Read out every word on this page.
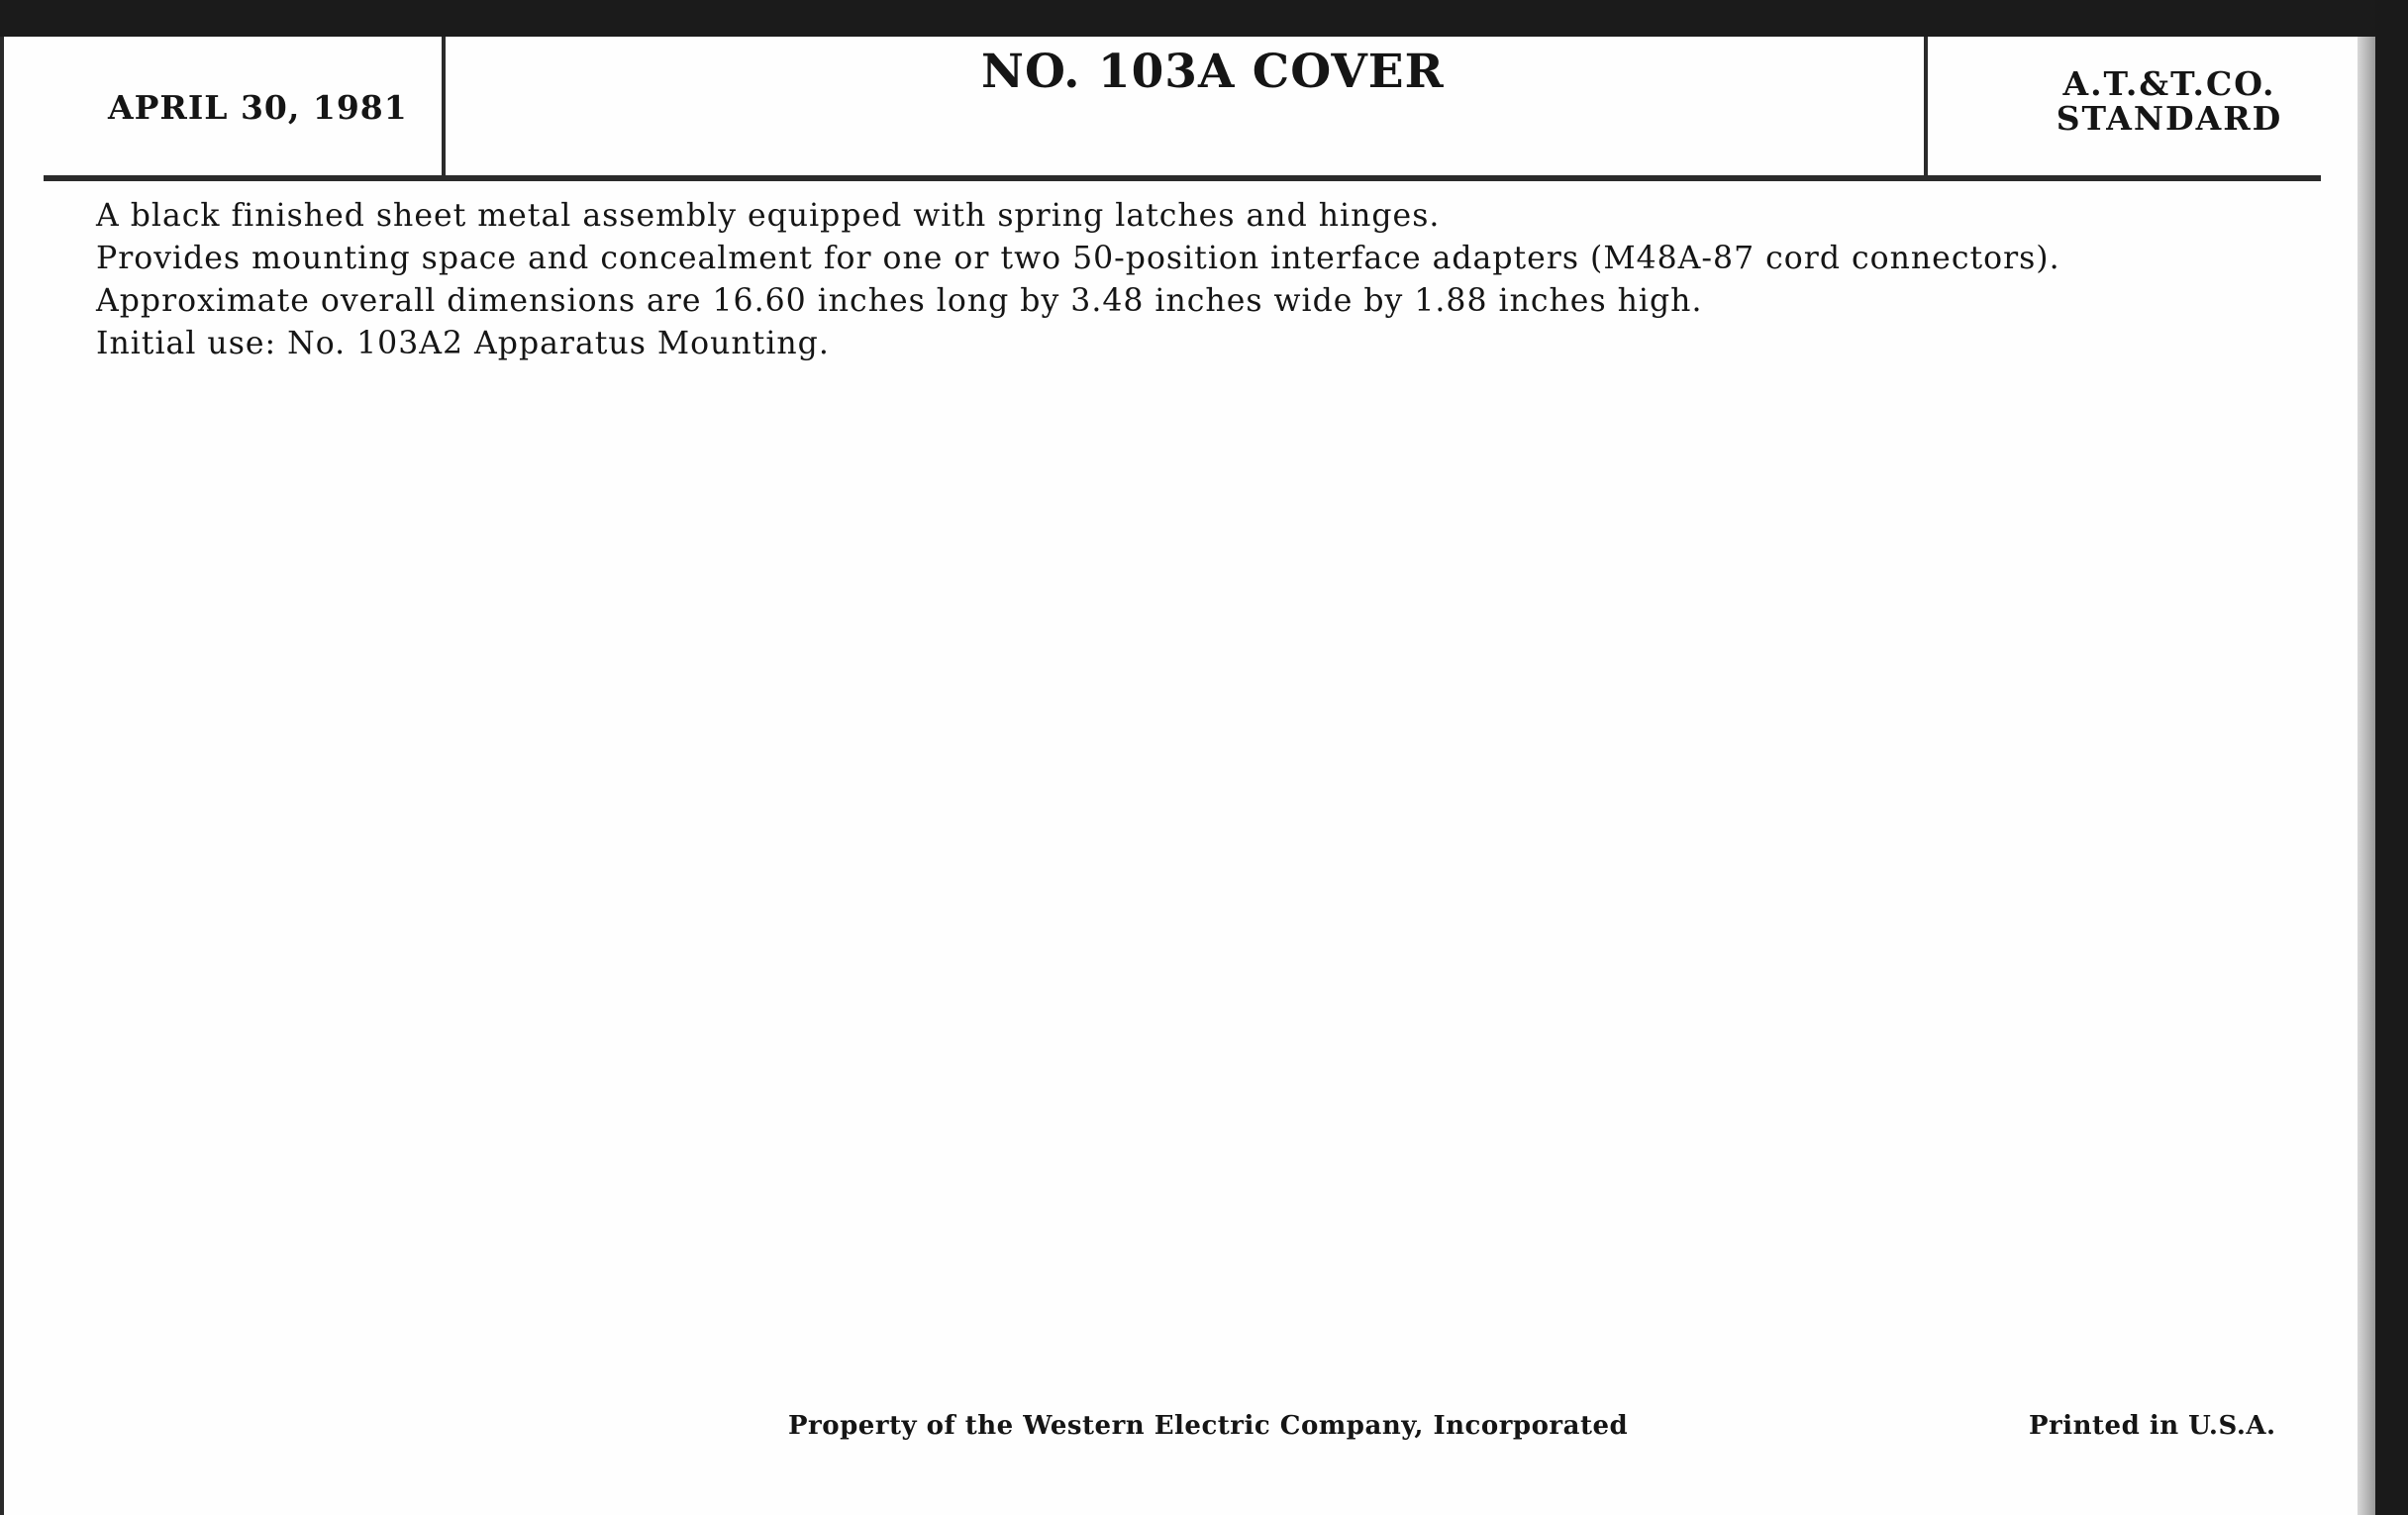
APRIL 30, 1981
NO. 103A COVER	A.T.&T.CO.
STANDARD
A black finished sheet metal assembly equipped with spring latches and hinges.
Provides mounting space and concealment for one or two 50-position interface adapters (M48A-87 cord connectors).
Approximate overall dimensions are 16.60 inches long by 3.48 inches wide by 1.88 inches high.
Initial use: No. 103A2 Apparatus Mounting.
Property of the Western Electric Company, Incorporated	Printed in U.S.A.
